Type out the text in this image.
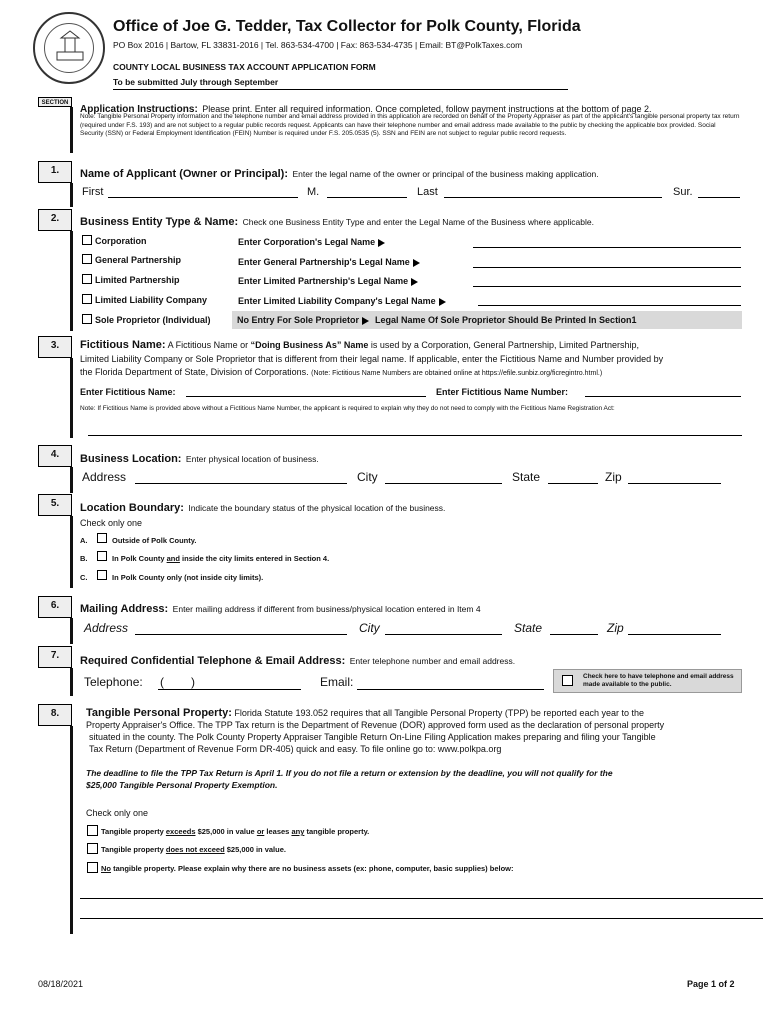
Office of Joe G. Tedder, Tax Collector for Polk County, Florida
PO Box 2016 | Bartow, FL 33831-2016 | Tel. 863-534-4700 | Fax: 863-534-4735 | Email: BT@PolkTaxes.com
COUNTY LOCAL BUSINESS TAX ACCOUNT APPLICATION FORM
To be submitted July through September
SECTION
Application Instructions: Please print. Enter all required information. Once completed, follow payment instructions at the bottom of page 2.
Note: Tangible Personal Property information and the telephone number and email address provided in this application are recorded on behalf of the Property Appraiser as part of the applicant's tangible personal property tax return (required under F.S. 193) and are not subject to a regular public records request. Applicants can have their telephone number and email address made available to the public by checking the applicable box provided. Social Security (SSN) or Federal Employment Identification (FEIN) Number is required under F.S. 205.0535 (5). SSN and FEIN are not subject to regular public record requests.
1.	Name of Applicant (Owner or Principal): Enter the legal name of the owner or principal of the business making application.
First	M.	Last	Sur.
2.	Business Entity Type & Name: Check one Business Entity Type and enter the Legal Name of the Business where applicable.
Corporation	Enter Corporation's Legal Name
General Partnership	Enter General Partnership's Legal Name
Limited Partnership	Enter Limited Partnership's Legal Name
Limited Liability Company	Enter Limited Liability Company's Legal Name
Sole Proprietor (Individual)	No Entry For Sole Proprietor Legal Name Of Sole Proprietor Should Be Printed In Section1
3.	Fictitious Name: A Fictitious Name or “Doing Business As” Name is used by a Corporation, General Partnership, Limited Partnership,
Limited Liability Company or Sole Proprietor that is different from their legal name. If applicable, enter the Fictitious Name and Number provided by
the Florida Department of State, Division of Corporations. (Note: Fictitious Name Numbers are obtained online at https://efile.sunbiz.org/ficregintro.html.)
Enter Fictitious Name:	Enter Fictitious Name Number:
Note: If Fictitious Name is provided above without a Fictitious Name Number, the applicant is required to explain why they do not need to comply with the Fictitious Name Registration Act:
4.	Business Location: Enter physical location of business.
Address	City	State	Zip
5.	Location Boundary: Indicate the boundary status of the physical location of the business.
Check only one
A.	Outside of Polk County.
B.	In Polk County and inside the city limits entered in Section 4.
C.	In Polk County only (not inside city limits).
6.	Mailing Address: Enter mailing address if different from business/physical location entered in Item 4
Address	City	State	Zip
7.	Required Confidential Telephone & Email Address: Enter telephone number and email address.
Telephone: ( )	Email:	Check here to have telephone and email address made available to the public.
8.	Tangible Personal Property: Florida Statute 193.052 requires that all Tangible Personal Property (TPP) be reported each year to the
Property Appraiser's Office. The TPP Tax return is the Department of Revenue (DOR) approved form used as the declaration of personal property
situated in the county. The Polk County Property Appraiser Tangible Return On-Line Filing Application makes preparing and filing your Tangible
Tax Return (Department of Revenue Form DR-405) quick and easy. To file online go to: www.polkpa.org
The deadline to file the TPP Tax Return is April 1. If you do not file a return or extension by the deadline, you will not qualify for the
$25,000 Tangible Personal Property Exemption.
Check only one
Tangible property exceeds $25,000 in value or leases any tangible property.
Tangible property does not exceed $25,000 in value.
No tangible property. Please explain why there are no business assets (ex: phone, computer, basic supplies) below:
08/18/2021	Page 1 of 2
